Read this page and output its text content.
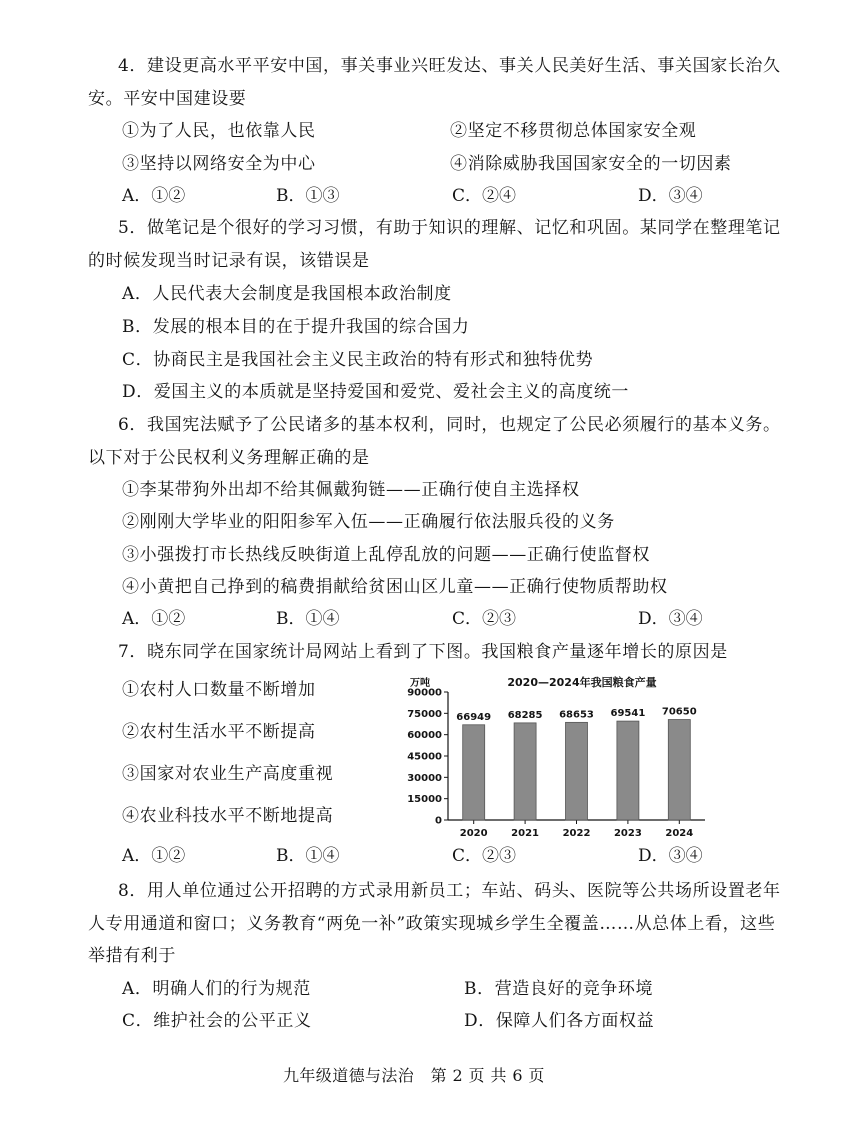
4．建设更高水平平安中国，事关事业兴旺发达、事关人民美好生活、事关国家长治久
安。平安中国建设要
①为了人民，也依靠人民	②坚定不移贯彻总体国家安全观
③坚持以网络安全为中心	④消除威胁我国国家安全的一切因素
A．①②	B．①③	C．②④	D．③④
5．做笔记是个很好的学习习惯，有助于知识的理解、记忆和巩固。某同学在整理笔记
的时候发现当时记录有误，该错误是
A．人民代表大会制度是我国根本政治制度
B．发展的根本目的在于提升我国的综合国力
C．协商民主是我国社会主义民主政治的特有形式和独特优势
D．爱国主义的本质就是坚持爱国和爱党、爱社会主义的高度统一
6．我国宪法赋予了公民诸多的基本权利，同时，也规定了公民必须履行的基本义务。
以下对于公民权利义务理解正确的是
①李某带狗外出却不给其佩戴狗链——正确行使自主选择权
②刚刚大学毕业的阳阳参军入伍——正确履行依法服兵役的义务
③小强拨打市长热线反映街道上乱停乱放的问题——正确行使监督权
④小黄把自己挣到的稿费捐献给贫困山区儿童——正确行使物质帮助权
A．①②	B．①④	C．②③	D．③④
7．晓东同学在国家统计局网站上看到了下图。我国粮食产量逐年增长的原因是
①农村人口数量不断增加
②农村生活水平不断提高
③国家对农业生产高度重视
④农业科技水平不断地提高
2020—2024年我国粮食产量
万吨
0
15000
30000
45000
60000
75000
90000
2020 2021 2022 2023 2024
66949 68285 68653 69541 70650
A．①②	B．①④	C．②③	D．③④
8．用人单位通过公开招聘的方式录用新员工；车站、码头、医院等公共场所设置老年
人专用通道和窗口；义务教育“两免一补”政策实现城乡学生全覆盖……从总体上看，这些
举措有利于
A．明确人们的行为规范	B．营造良好的竞争环境
C．维护社会的公平正义	D．保障人们各方面权益
九年级道德与法治　第 2 页 共 6 页
